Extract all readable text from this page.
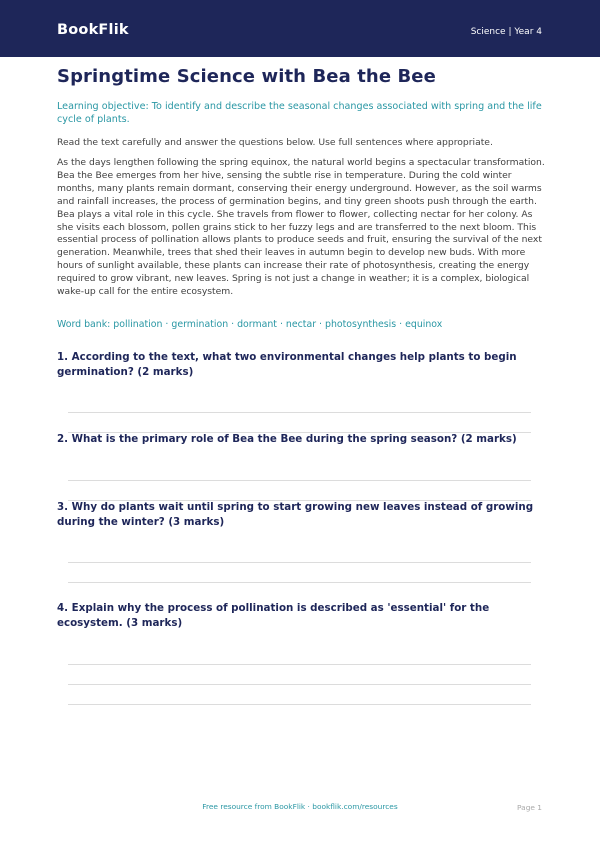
BookFlik	Science | Year 4
Springtime Science with Bea the Bee
Learning objective: To identify and describe the seasonal changes associated with spring and the life cycle of plants.
Read the text carefully and answer the questions below. Use full sentences where appropriate.
As the days lengthen following the spring equinox, the natural world begins a spectacular transformation. Bea the Bee emerges from her hive, sensing the subtle rise in temperature. During the cold winter months, many plants remain dormant, conserving their energy underground. However, as the soil warms and rainfall increases, the process of germination begins, and tiny green shoots push through the earth. Bea plays a vital role in this cycle. She travels from flower to flower, collecting nectar for her colony. As she visits each blossom, pollen grains stick to her fuzzy legs and are transferred to the next bloom. This essential process of pollination allows plants to produce seeds and fruit, ensuring the survival of the next generation. Meanwhile, trees that shed their leaves in autumn begin to develop new buds. With more hours of sunlight available, these plants can increase their rate of photosynthesis, creating the energy required to grow vibrant, new leaves. Spring is not just a change in weather; it is a complex, biological wake-up call for the entire ecosystem.
Word bank: pollination · germination · dormant · nectar · photosynthesis · equinox
1. According to the text, what two environmental changes help plants to begin germination? (2 marks)
2. What is the primary role of Bea the Bee during the spring season? (2 marks)
3. Why do plants wait until spring to start growing new leaves instead of growing during the winter? (3 marks)
4. Explain why the process of pollination is described as 'essential' for the ecosystem. (3 marks)
Free resource from BookFlik · bookflik.com/resources	Page 1
